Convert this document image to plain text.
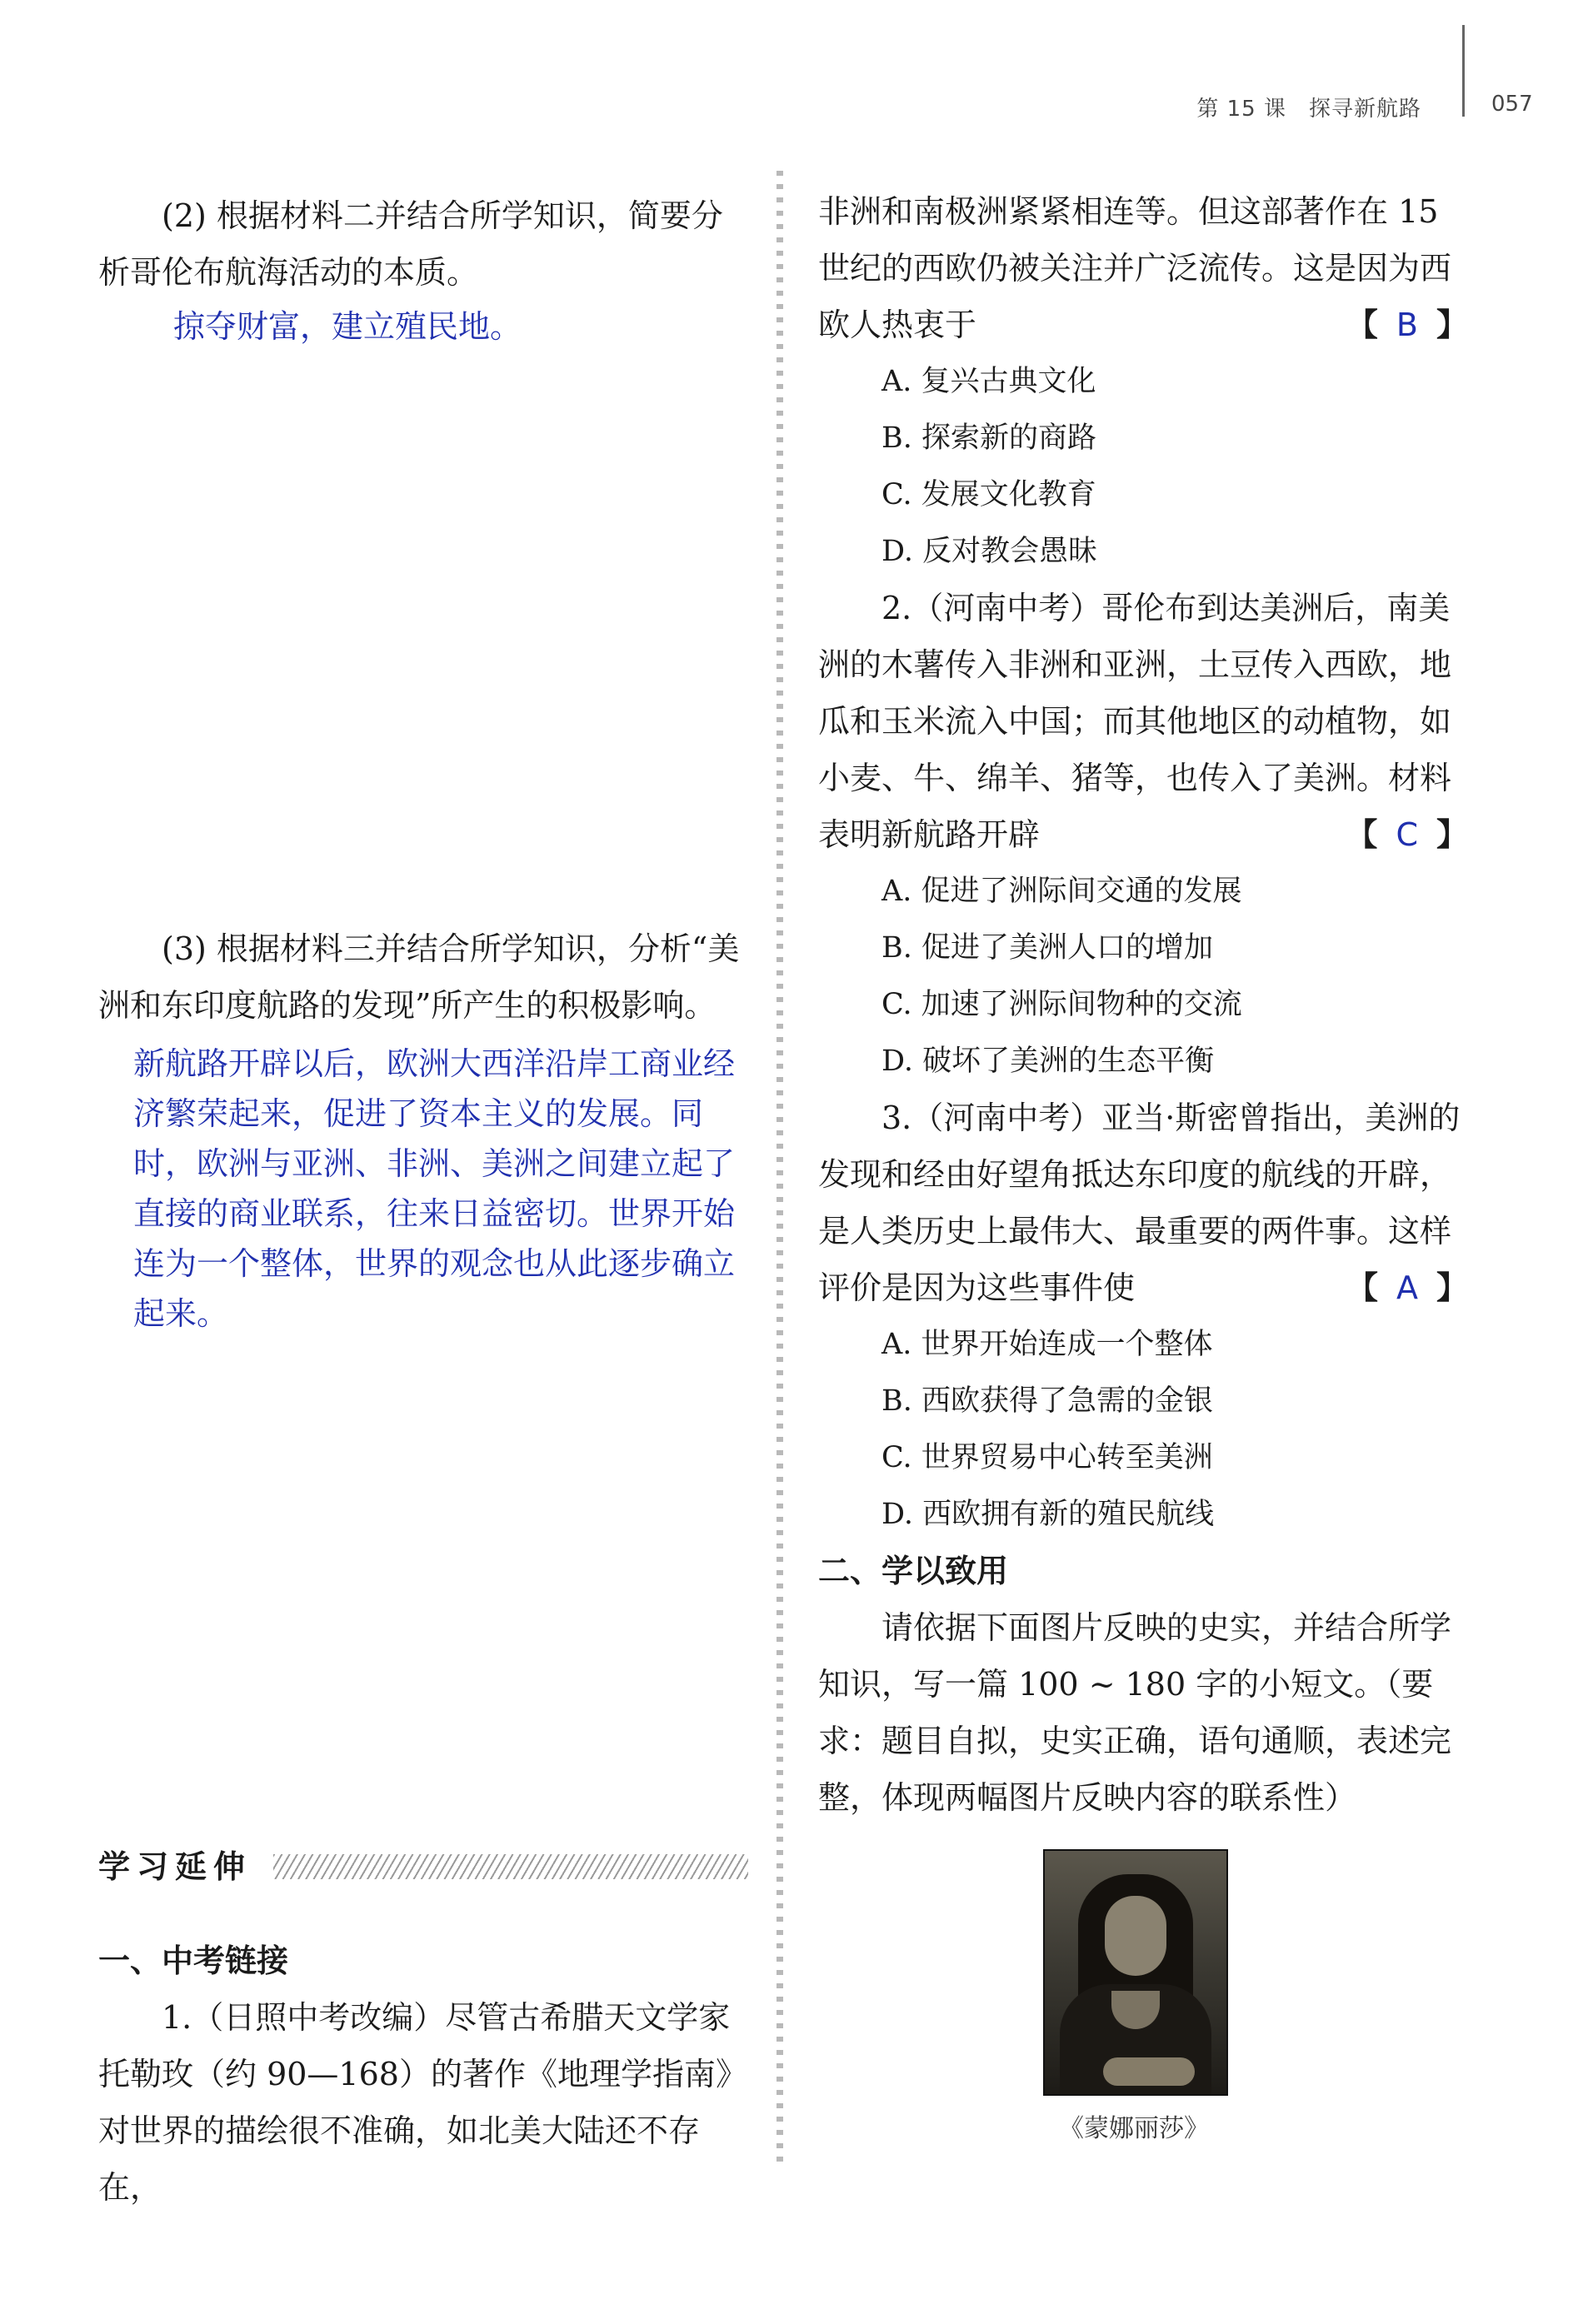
第 15 课　探寻新航路	057

(2) 根据材料二并结合所学知识，简要分析哥伦布航海活动的本质。

掠夺财富，建立殖民地。

(3) 根据材料三并结合所学知识，分析“美洲和东印度航路的发现”所产生的积极影响。

新航路开辟以后，欧洲大西洋沿岸工商业经济繁荣起来，促进了资本主义的发展。同时，欧洲与亚洲、非洲、美洲之间建立起了直接的商业联系，往来日益密切。世界开始连为一个整体，世界的观念也从此逐步确立起来。

学习延伸

一、中考链接

1.（日照中考改编）尽管古希腊天文学家托勒玫（约 90—168）的著作《地理学指南》对世界的描绘很不准确，如北美大陆还不存在，

非洲和南极洲紧紧相连等。但这部著作在 15 世纪的西欧仍被关注并广泛流传。这是因为西欧人热衷于	【 B 】

A. 复兴古典文化

B. 探索新的商路

C. 发展文化教育

D. 反对教会愚昧

2.（河南中考）哥伦布到达美洲后，南美洲的木薯传入非洲和亚洲，土豆传入西欧，地瓜和玉米流入中国；而其他地区的动植物，如小麦、牛、绵羊、猪等，也传入了美洲。材料表明新航路开辟	【 C 】

A. 促进了洲际间交通的发展

B. 促进了美洲人口的增加

C. 加速了洲际间物种的交流

D. 破坏了美洲的生态平衡

3.（河南中考）亚当·斯密曾指出，美洲的发现和经由好望角抵达东印度的航线的开辟，是人类历史上最伟大、最重要的两件事。这样评价是因为这些事件使	【 A 】

A. 世界开始连成一个整体

B. 西欧获得了急需的金银

C. 世界贸易中心转至美洲

D. 西欧拥有新的殖民航线

二、学以致用

请依据下面图片反映的史实，并结合所学知识，写一篇 100 ~ 180 字的小短文。（要求：题目自拟，史实正确，语句通顺，表述完整，体现两幅图片反映内容的联系性）

《蒙娜丽莎》
